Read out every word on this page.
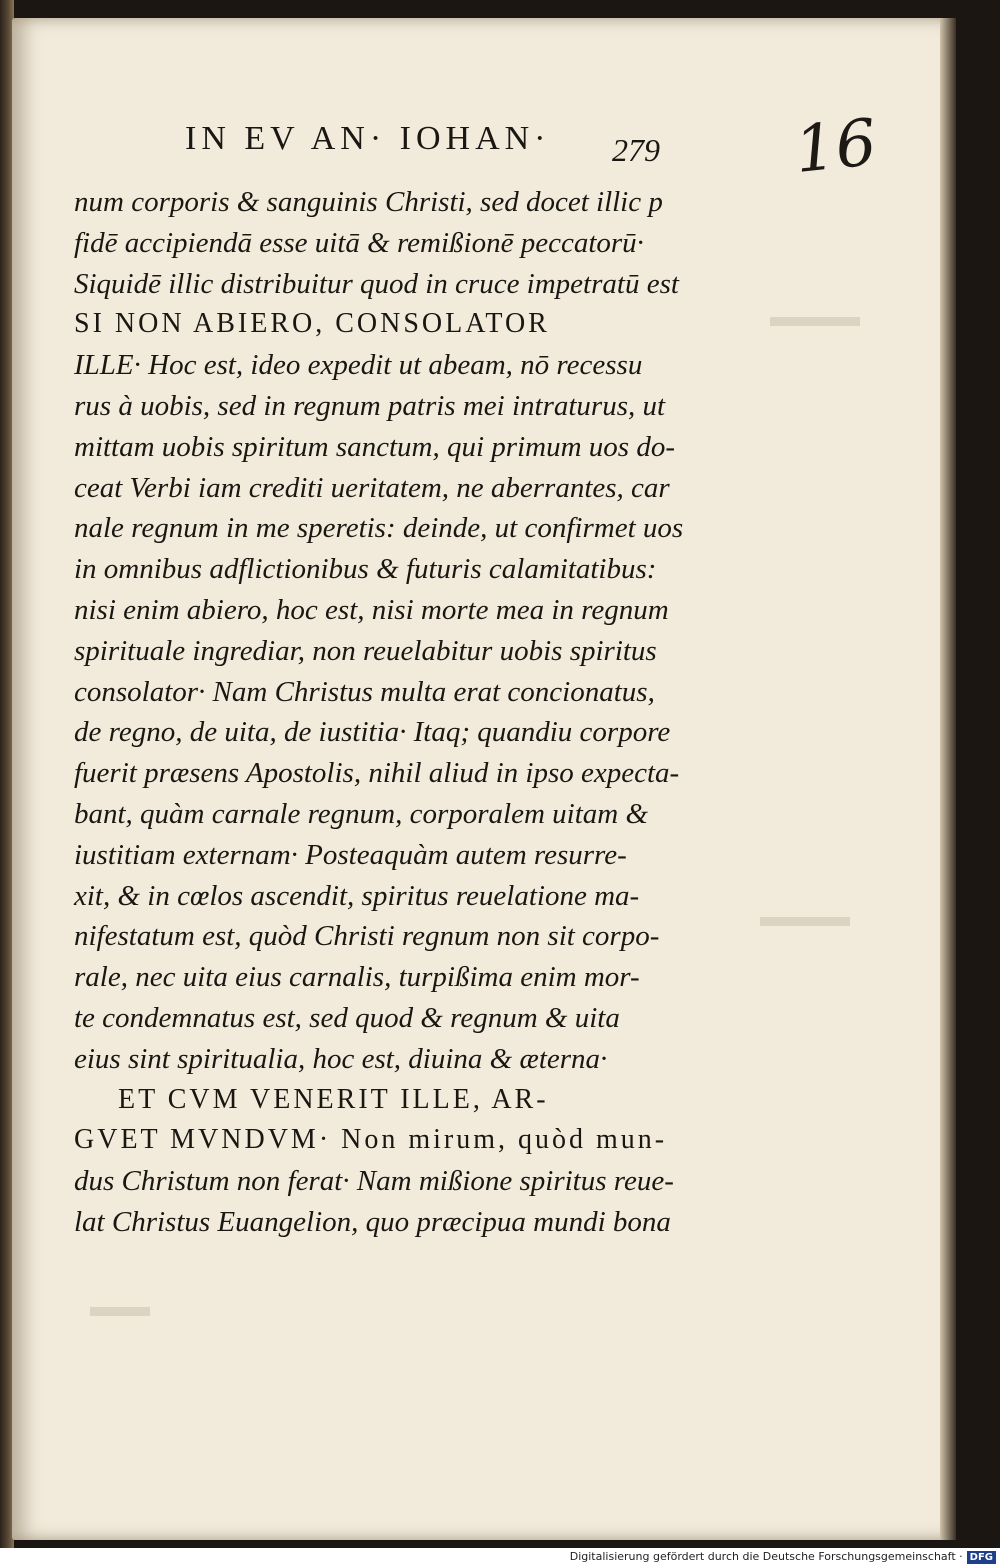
▬▬▬
▬▬▬
▬▬
IN EV AN· IOHAN· 279 16
num corporis & sanguinis Christi, sed docet illic p
fidē accipiendā esse uitā & remißionē peccatorū·
Siquidē illic distribuitur quod in cruce impetratū est
SI NON ABIERO, CONSOLATOR
ILLE· Hoc est, ideo expedit ut abeam, nō recessu
rus à uobis, sed in regnum patris mei intraturus, ut
mittam uobis spiritum sanctum, qui primum uos do-
ceat Verbi iam crediti ueritatem, ne aberrantes, car
nale regnum in me speretis: deinde, ut confirmet uos
in omnibus adflictionibus & futuris calamitatibus:
nisi enim abiero, hoc est, nisi morte mea in regnum
spirituale ingrediar, non reuelabitur uobis spiritus
consolator· Nam Christus multa erat concionatus,
de regno, de uita, de iustitia· Itaq; quandiu corpore
fuerit præsens Apostolis, nihil aliud in ipso expecta-
bant, quàm carnale regnum, corporalem uitam &
iustitiam externam· Posteaquàm autem resurre-
xit, & in cœlos ascendit, spiritus reuelatione ma-
nifestatum est, quòd Christi regnum non sit corpo-
rale, nec uita eius carnalis, turpißima enim mor-
te condemnatus est, sed quod & regnum & uita
eius sint spiritualia, hoc est, diuina & æterna·
ET CVM VENERIT ILLE, AR-
GVET MVNDVM· Non mirum, quòd mun-
dus Christum non ferat· Nam mißione spiritus reue-
lat Christus Euangelion, quo præcipua mundi bona
Digitalisierung gefördert durch die Deutsche Forschungsgemeinschaft · DFG
